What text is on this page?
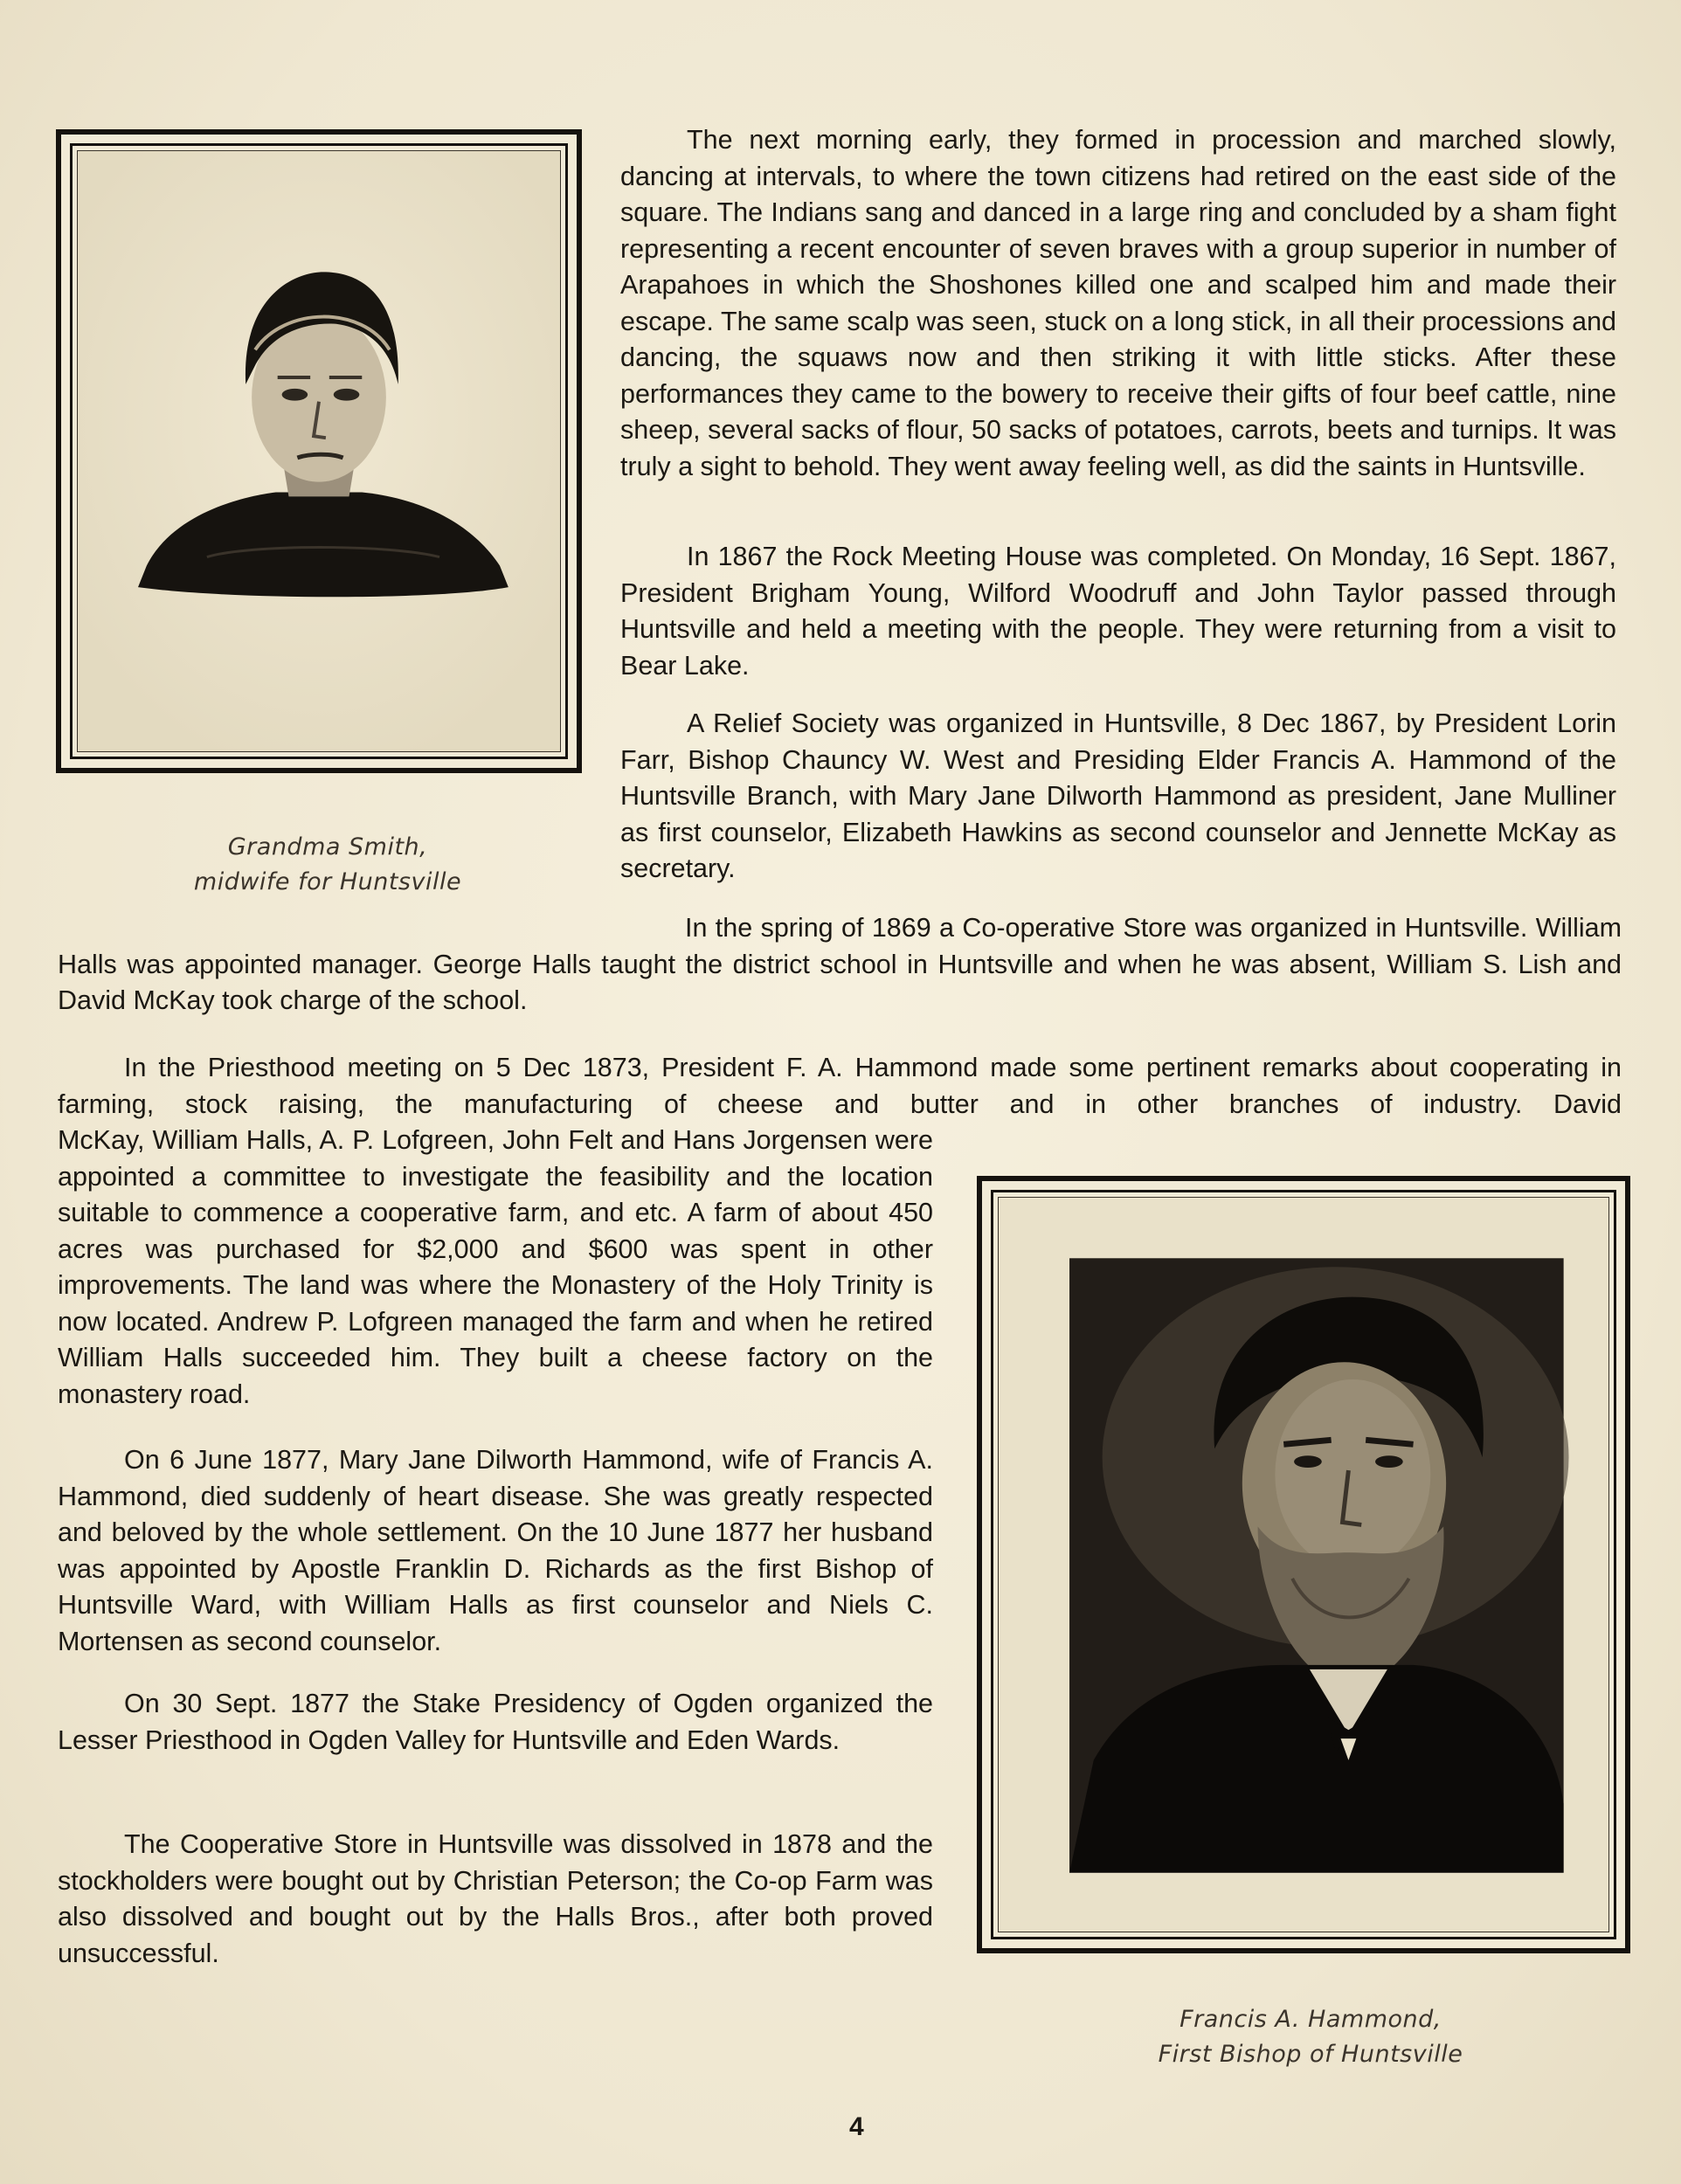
Grandma Smith,
midwife for Huntsville

The next morning early, they formed in procession and marched slowly, dancing at intervals, to where the town citizens had retired on the east side of the square. The Indians sang and danced in a large ring and concluded by a sham fight representing a recent encounter of seven braves with a group superior in number of Arapahoes in which the Shoshones killed one and scalped him and made their escape. The same scalp was seen, stuck on a long stick, in all their processions and dancing, the squaws now and then striking it with little sticks. After these performances they came to the bowery to receive their gifts of four beef cattle, nine sheep, several sacks of flour, 50 sacks of potatoes, carrots, beets and turnips. It was truly a sight to behold. They went away feeling well, as did the saints in Huntsville.

In 1867 the Rock Meeting House was completed. On Monday, 16 Sept. 1867, President Brigham Young, Wilford Woodruff and John Taylor passed through Huntsville and held a meeting with the people. They were returning from a visit to Bear Lake.

A Relief Society was organized in Huntsville, 8 Dec 1867, by President Lorin Farr, Bishop Chauncy W. West and Presiding Elder Francis A. Hammond of the Huntsville Branch, with Mary Jane Dilworth Hammond as president, Jane Mulliner as first counselor, Elizabeth Hawkins as second counselor and Jennette McKay as secretary.

In the spring of 1869 a Co-operative Store was organized in Huntsville. William Halls was appointed manager. George Halls taught the district school in Huntsville and when he was absent, William S. Lish and David McKay took charge of the school.

In the Priesthood meeting on 5 Dec 1873, President F. A. Hammond made some pertinent remarks about cooperating in farming, stock raising, the manufacturing of cheese and butter and in other branches of industry. David

McKay, William Halls, A. P. Lofgreen, John Felt and Hans Jorgensen were appointed a committee to investigate the feasibility and the location suitable to commence a cooperative farm, and etc. A farm of about 450 acres was purchased for $2,000 and $600 was spent in other improvements. The land was where the Monastery of the Holy Trinity is now located. Andrew P. Lofgreen managed the farm and when he retired William Halls succeeded him. They built a cheese factory on the monastery road.

On 6 June 1877, Mary Jane Dilworth Hammond, wife of Francis A. Hammond, died suddenly of heart disease. She was greatly respected and beloved by the whole settlement. On the 10 June 1877 her husband was appointed by Apostle Franklin D. Richards as the first Bishop of Huntsville Ward, with William Halls as first counselor and Niels C. Mortensen as second counselor.

On 30 Sept. 1877 the Stake Presidency of Ogden organized the Lesser Priesthood in Ogden Valley for Huntsville and Eden Wards.

The Cooperative Store in Huntsville was dissolved in 1878 and the stockholders were bought out by Christian Peterson; the Co-op Farm was also dissolved and bought out by the Halls Bros., after both proved unsuccessful.

Francis A. Hammond,
First Bishop of Huntsville
4
